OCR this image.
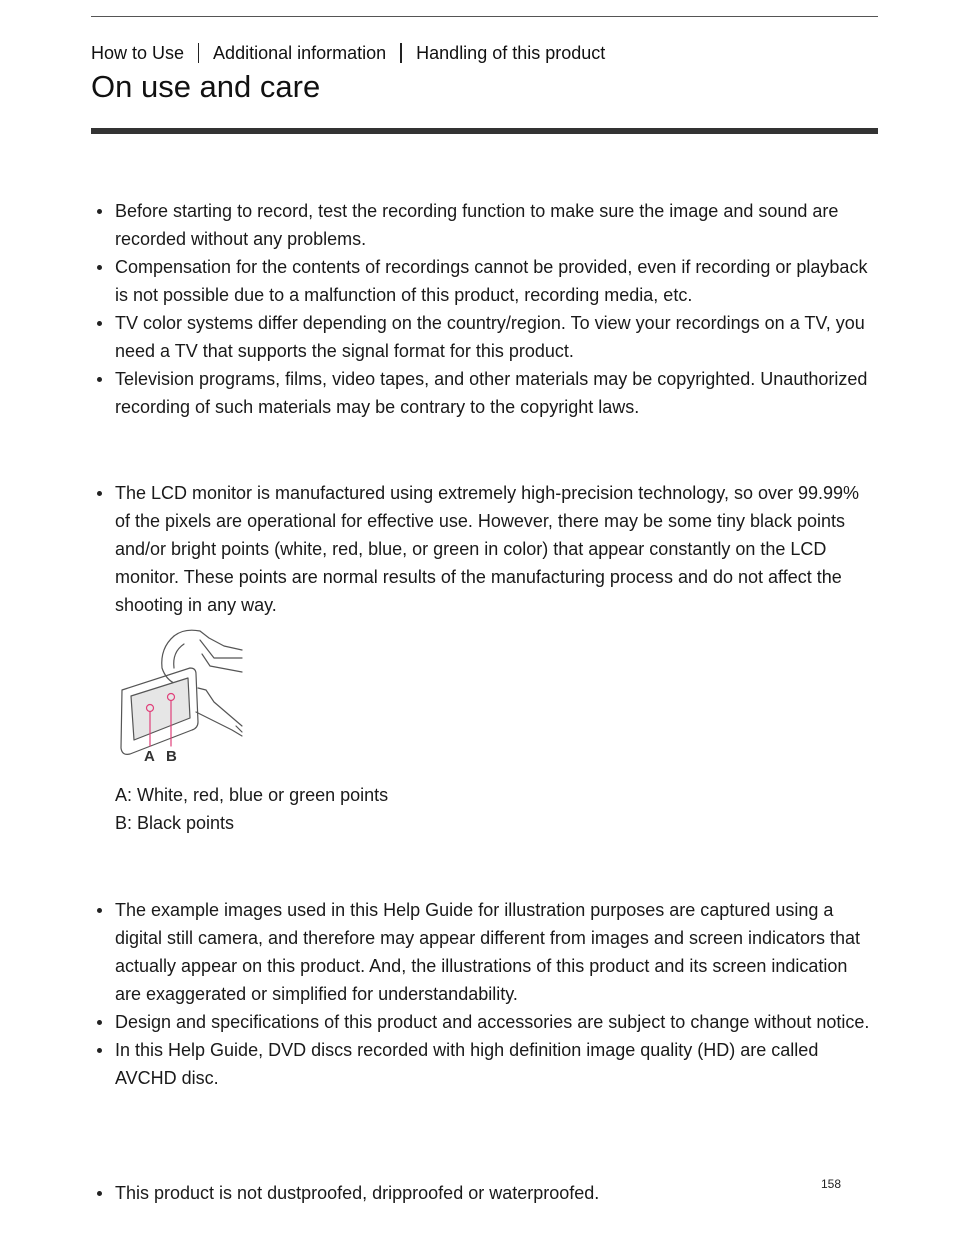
How to Use Additional information Handling of this product
On use and care
Before starting to record, test the recording function to make sure the image and sound are recorded without any problems.
Compensation for the contents of recordings cannot be provided, even if recording or playback is not possible due to a malfunction of this product, recording media, etc.
TV color systems differ depending on the country/region. To view your recordings on a TV, you need a TV that supports the signal format for this product.
Television programs, films, video tapes, and other materials may be copyrighted. Unauthorized recording of such materials may be contrary to the copyright laws.
The LCD monitor is manufactured using extremely high-precision technology, so over 99.99% of the pixels are operational for effective use. However, there may be some tiny black points and/or bright points (white, red, blue, or green in color) that appear constantly on the LCD monitor. These points are normal results of the manufacturing process and do not affect the shooting in any way.
A B
A: White, red, blue or green points
B: Black points
The example images used in this Help Guide for illustration purposes are captured using a digital still camera, and therefore may appear different from images and screen indicators that actually appear on this product. And, the illustrations of this product and its screen indication are exaggerated or simplified for understandability.
Design and specifications of this product and accessories are subject to change without notice.
In this Help Guide, DVD discs recorded with high definition image quality (HD) are called AVCHD disc.
This product is not dustproofed, dripproofed or waterproofed.	158
